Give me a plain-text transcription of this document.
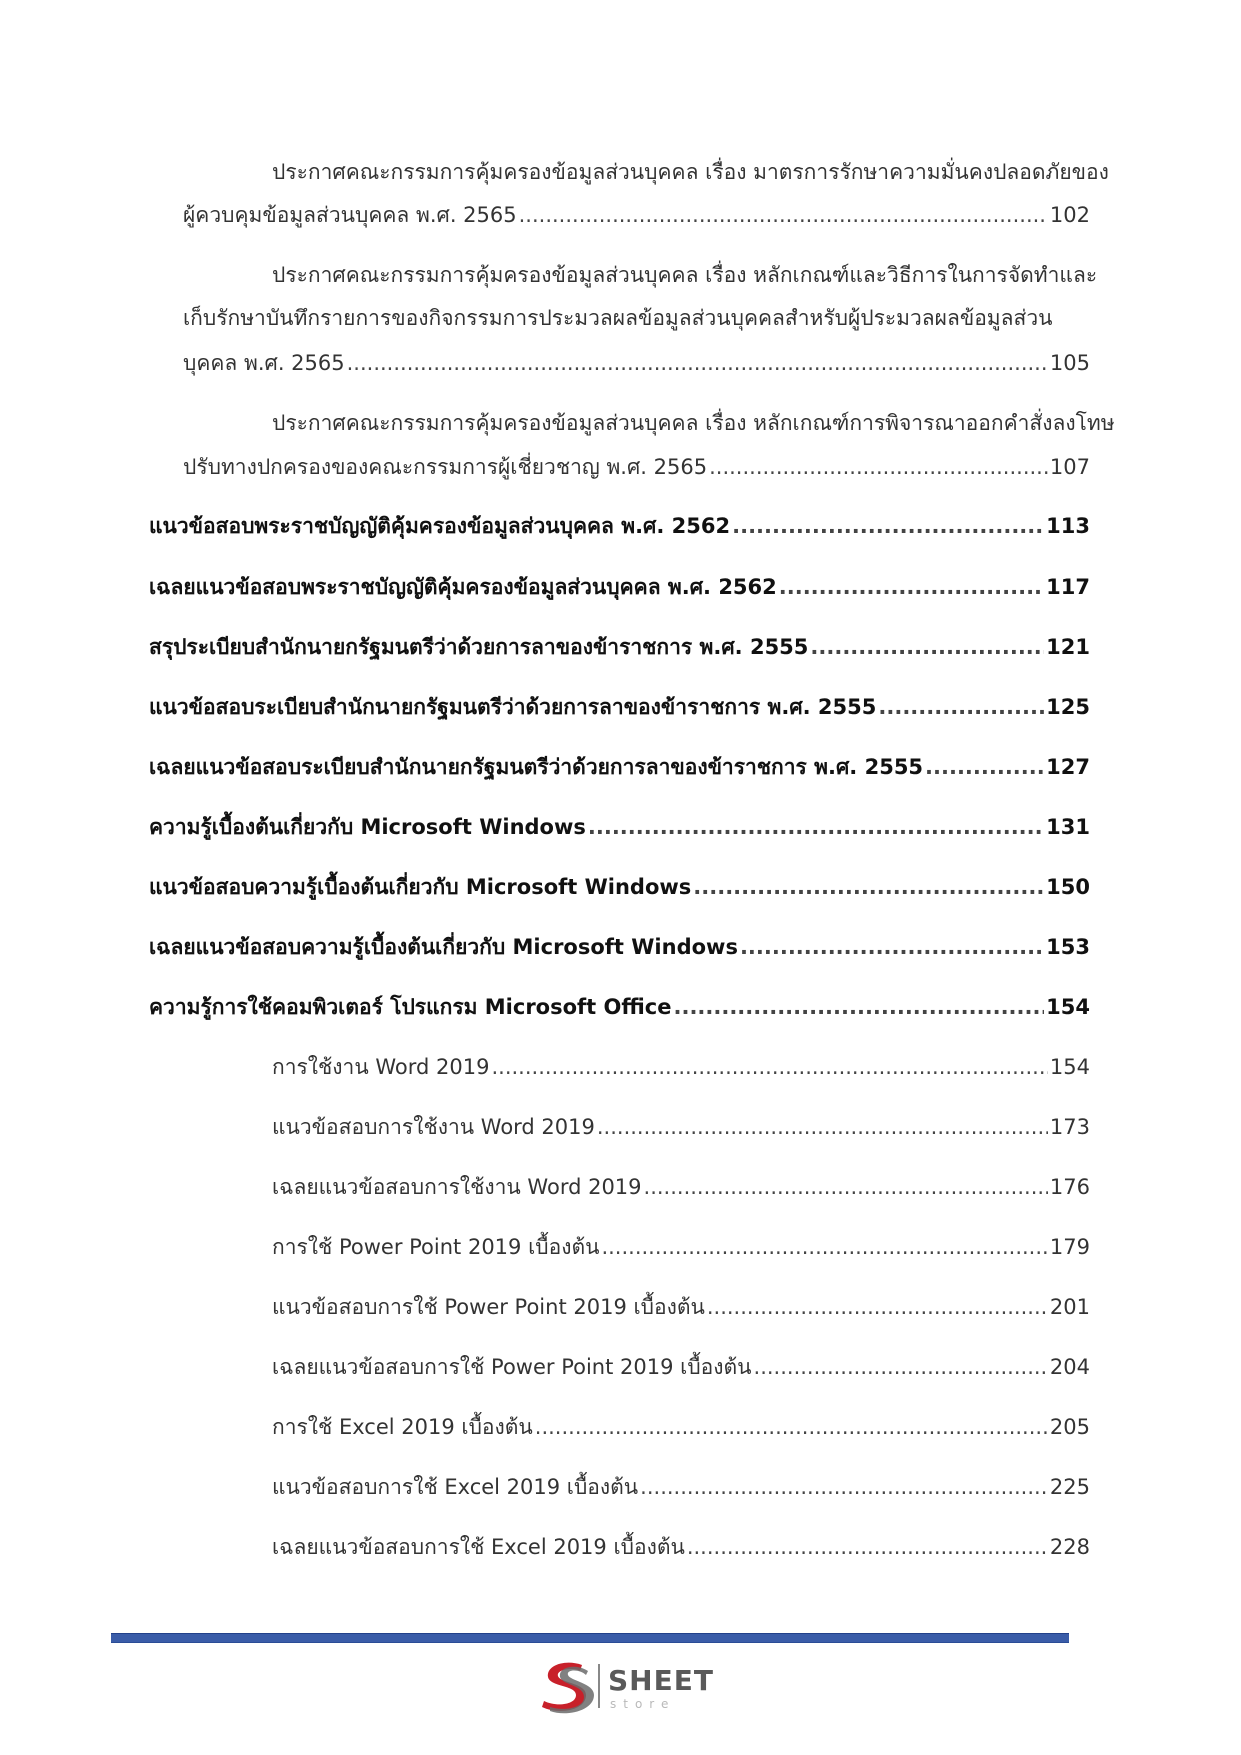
ประกาศคณะกรรมการคุ้มครองข้อมูลส่วนบุคคล เรื่อง มาตรการรักษาความมั่นคงปลอดภัยของ
ผู้ควบคุมข้อมูลส่วนบุคคล พ.ศ. 2565 .....	102
ประกาศคณะกรรมการคุ้มครองข้อมูลส่วนบุคคล เรื่อง หลักเกณฑ์และวิธีการในการจัดทำและ
เก็บรักษาบันทึกรายการของกิจกรรมการประมวลผลข้อมูลส่วนบุคคลสำหรับผู้ประมวลผลข้อมูลส่วน
บุคคล พ.ศ. 2565 .....	105
ประกาศคณะกรรมการคุ้มครองข้อมูลส่วนบุคคล เรื่อง หลักเกณฑ์การพิจารณาออกคำสั่งลงโทษ
ปรับทางปกครองของคณะกรรมการผู้เชี่ยวชาญ พ.ศ. 2565 .....	107
แนวข้อสอบพระราชบัญญัติคุ้มครองข้อมูลส่วนบุคคล พ.ศ. 2562 .....	113
เฉลยแนวข้อสอบพระราชบัญญัติคุ้มครองข้อมูลส่วนบุคคล พ.ศ. 2562 .....	117
สรุประเบียบสำนักนายกรัฐมนตรีว่าด้วยการลาของข้าราชการ พ.ศ. 2555 .....	121
แนวข้อสอบระเบียบสำนักนายกรัฐมนตรีว่าด้วยการลาของข้าราชการ พ.ศ. 2555 .....	125
เฉลยแนวข้อสอบระเบียบสำนักนายกรัฐมนตรีว่าด้วยการลาของข้าราชการ พ.ศ. 2555 .....	127
ความรู้เบื้องต้นเกี่ยวกับ Microsoft Windows .....	131
แนวข้อสอบความรู้เบื้องต้นเกี่ยวกับ Microsoft Windows .....	150
เฉลยแนวข้อสอบความรู้เบื้องต้นเกี่ยวกับ Microsoft Windows .....	153
ความรู้การใช้คอมพิวเตอร์ โปรแกรม Microsoft Office .....	154
การใช้งาน Word 2019 .....	154
แนวข้อสอบการใช้งาน Word 2019 .....	173
เฉลยแนวข้อสอบการใช้งาน Word 2019 .....	176
การใช้ Power Point 2019 เบื้องต้น .....	179
แนวข้อสอบการใช้ Power Point 2019 เบื้องต้น .....	201
เฉลยแนวข้อสอบการใช้ Power Point 2019 เบื้องต้น .....	204
การใช้ Excel 2019 เบื้องต้น .....	205
แนวข้อสอบการใช้ Excel 2019 เบื้องต้น .....	225
เฉลยแนวข้อสอบการใช้ Excel 2019 เบื้องต้น .....	228
SHEET
store
